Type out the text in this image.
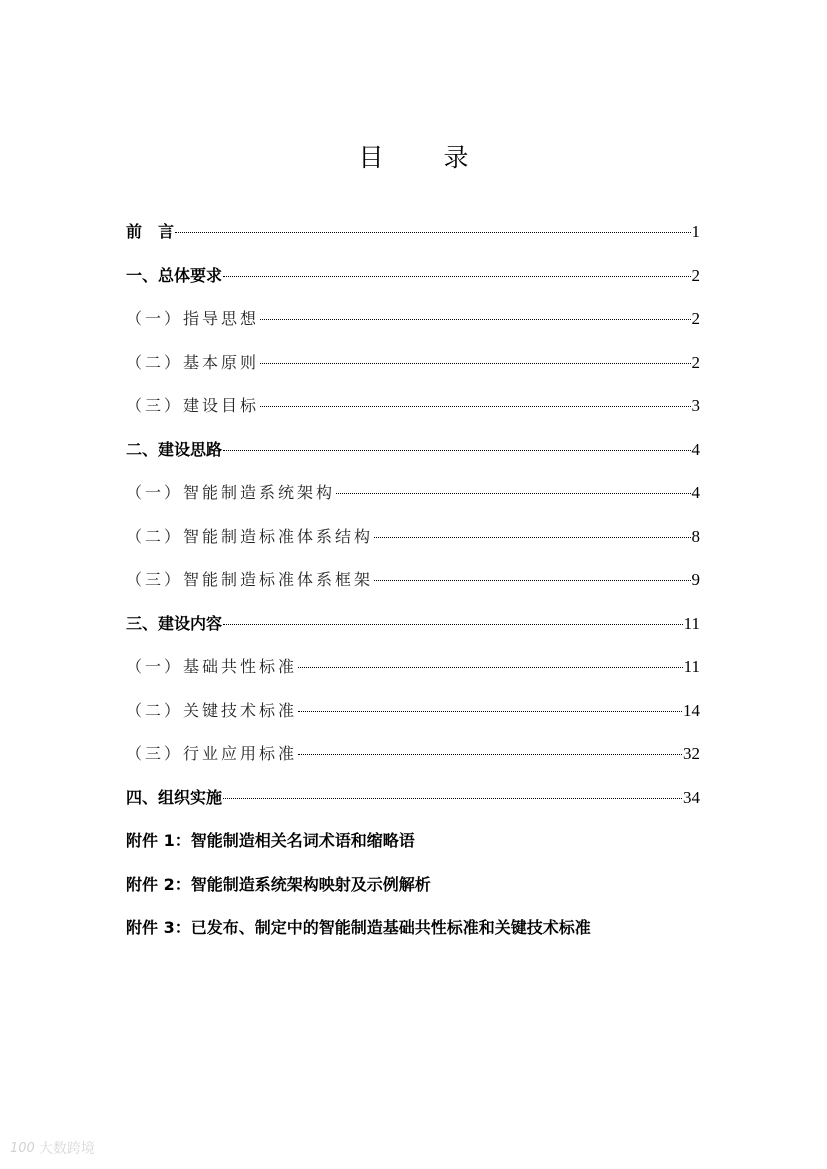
目 录
前　言	1
一、总体要求	2
（一）指导思想	2
（二）基本原则	2
（三）建设目标	3
二、建设思路	4
（一）智能制造系统架构	4
（二）智能制造标准体系结构	8
（三）智能制造标准体系框架	9
三、建设内容	11
（一）基础共性标准	11
（二）关键技术标准	14
（三）行业应用标准	32
四、组织实施	34
附件 1：智能制造相关名词术语和缩略语
附件 2：智能制造系统架构映射及示例解析
附件 3：已发布、制定中的智能制造基础共性标准和关键技术标准
100 大数跨境
